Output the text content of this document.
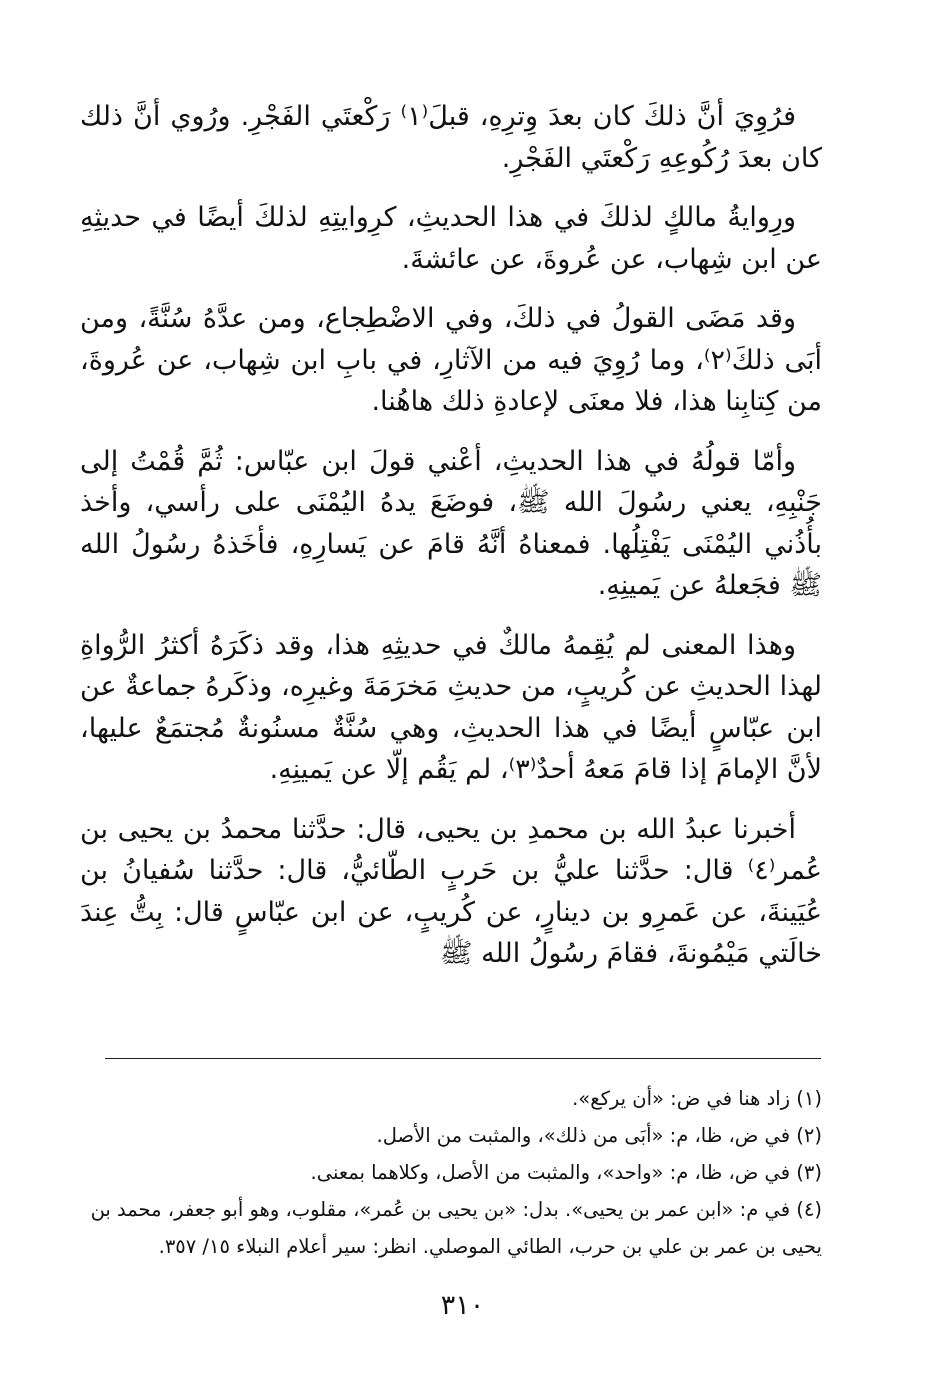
فرُوِيَ أنَّ ذلكَ كان بعدَ وِترِهِ، قبلَ⁽١⁾ رَكْعتَي الفَجْرِ. ورُوي أنَّ ذلك كان بعدَ رُكُوعِهِ رَكْعتَي الفَجْرِ.

ورِوايةُ مالكٍ لذلكَ في هذا الحديثِ، كرِوايتِهِ لذلكَ أيضًا في حديثِهِ عن ابن شِهاب، عن عُروةَ، عن عائشةَ.

وقد مَضَى القولُ في ذلكَ، وفي الاضْطِجاع، ومن عدَّهُ سُنَّةً، ومن أبَى ذلكَ⁽٢⁾، وما رُوِيَ فيه من الآثارِ، في بابِ ابن شِهاب، عن عُروةَ، من كِتابِنا هذا، فلا معنَى لإعادةِ ذلك هاهُنا.

وأمّا قولُهُ في هذا الحديثِ، أعْني قولَ ابن عبّاس: ثُمَّ قُمْتُ إلى جَنْبِهِ، يعني رسُولَ الله ﷺ، فوضَعَ يدهُ اليُمْنَى على رأسي، وأخذ بأُذُني اليُمْنَى يَفْتِلُها. فمعناهُ أنَّهُ قامَ عن يَسارِهِ، فأخَذهُ رسُولُ الله ﷺ فجَعلهُ عن يَمينِهِ.

وهذا المعنى لم يُقِمهُ مالكٌ في حديثِهِ هذا، وقد ذكَرَهُ أكثرُ الرُّواةِ لهذا الحديثِ عن كُريبٍ، من حديثِ مَخرَمَةَ وغيرِه، وذكَرهُ جماعةٌ عن ابن عبّاسٍ أيضًا في هذا الحديثِ، وهي سُنَّةٌ مسنُونةٌ مُجتمَعٌ عليها، لأنَّ الإمامَ إذا قامَ مَعهُ أحدٌ⁽٣⁾، لم يَقُم إلّا عن يَمينِهِ.

أخبرنا عبدُ الله بن محمدِ بن يحيى، قال: حدَّثنا محمدُ بن يحيى بن عُمر⁽٤⁾ قال: حدَّثنا عليُّ بن حَربٍ الطّائيُّ، قال: حدَّثنا سُفيانُ بن عُيَينةَ، عن عَمرِو بن دينارٍ، عن كُريبٍ، عن ابن عبّاسٍ قال: بِتُّ عِندَ خالَتي مَيْمُونةَ، فقامَ رسُولُ الله ﷺ

(١) زاد هنا في ض: «أن يركع».

(٢) في ض، ظا، م: «أبَى من ذلك»، والمثبت من الأصل.

(٣) في ض، ظا، م: «واحد»، والمثبت من الأصل، وكلاهما بمعنى.

(٤) في م: «ابن عمر بن يحيى». بدل: «بن يحيى بن عُمر»، مقلوب، وهو أبو جعفر، محمد بن يحيى بن عمر بن علي بن حرب، الطائي الموصلي. انظر: سير أعلام النبلاء ١٥/ ٣٥٧.

٣١٠
